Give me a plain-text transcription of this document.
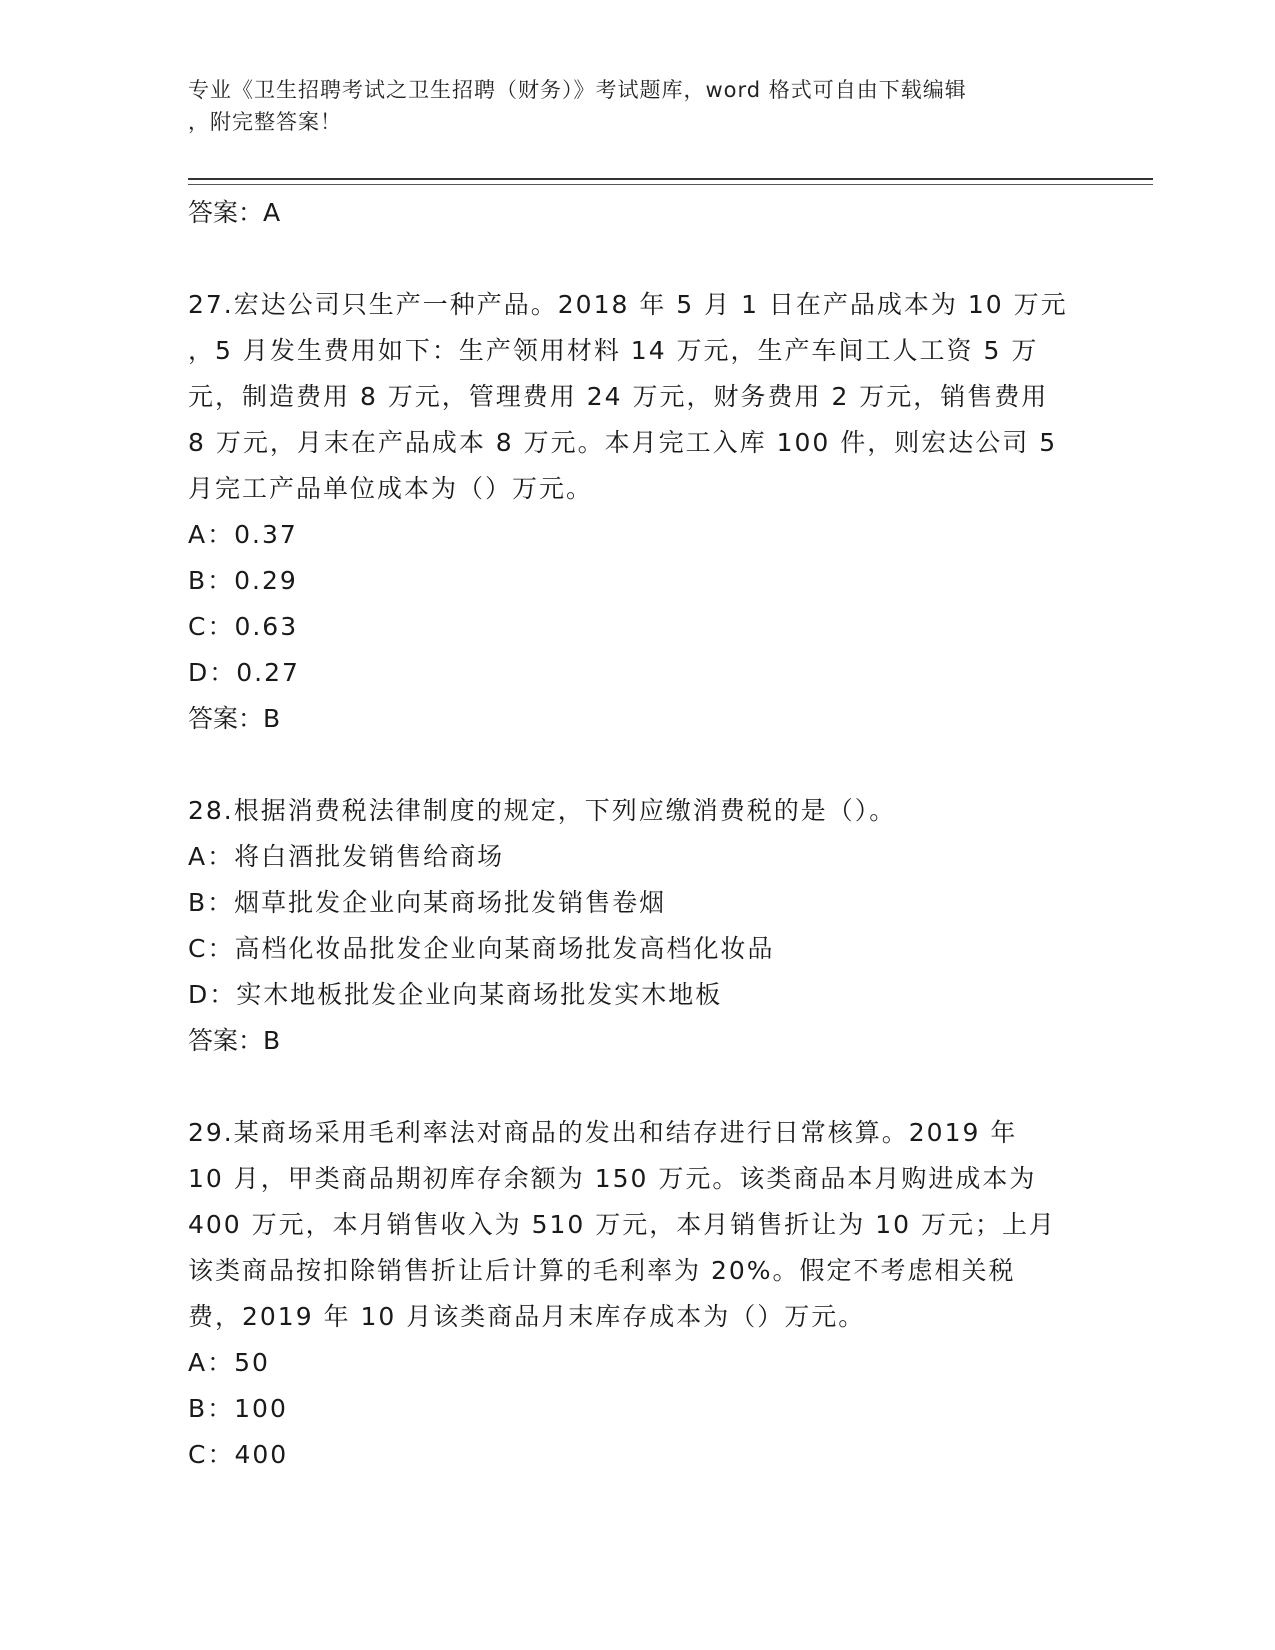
专业《卫生招聘考试之卫生招聘（财务）》考试题库，word 格式可自由下载编辑
，附完整答案！
答案：A
27.宏达公司只生产一种产品。2018 年 5 月 1 日在产品成本为 10 万元
，5 月发生费用如下：生产领用材料 14 万元，生产车间工人工资 5 万
元，制造费用 8 万元，管理费用 24 万元，财务费用 2 万元，销售费用
8 万元，月末在产品成本 8 万元。本月完工入库 100 件，则宏达公司 5
月完工产品单位成本为（）万元。
A：0.37
B：0.29
C：0.63
D：0.27
答案：B
28.根据消费税法律制度的规定，下列应缴消费税的是（）。
A：将白酒批发销售给商场
B：烟草批发企业向某商场批发销售卷烟
C：高档化妆品批发企业向某商场批发高档化妆品
D：实木地板批发企业向某商场批发实木地板
答案：B
29.某商场采用毛利率法对商品的发出和结存进行日常核算。2019 年
10 月，甲类商品期初库存余额为 150 万元。该类商品本月购进成本为
400 万元，本月销售收入为 510 万元，本月销售折让为 10 万元；上月
该类商品按扣除销售折让后计算的毛利率为 20%。假定不考虑相关税
费，2019 年 10 月该类商品月末库存成本为（）万元。
A：50
B：100
C：400
